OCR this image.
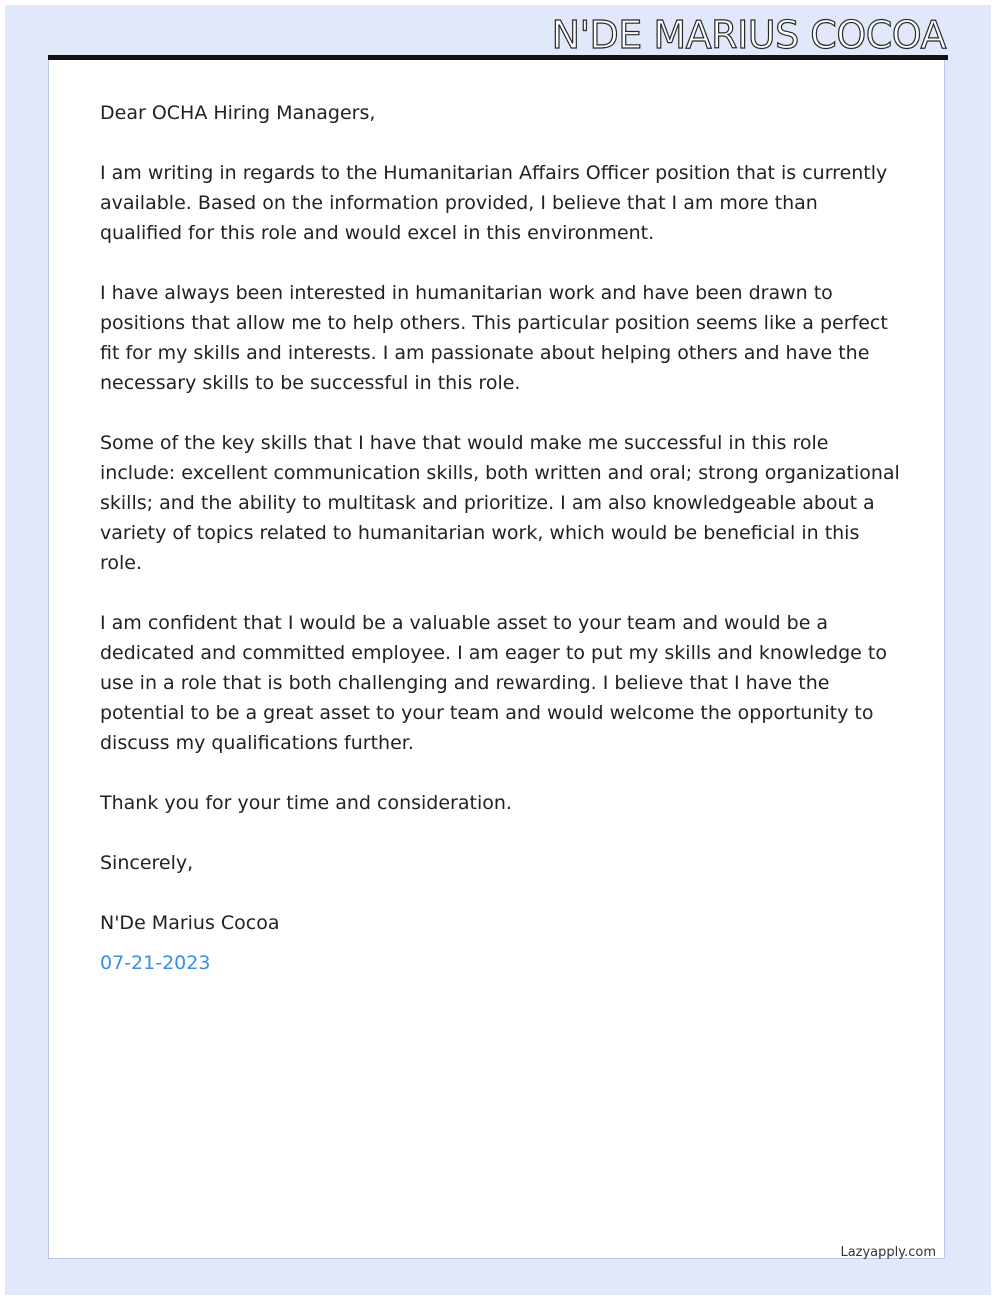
N'DE MARIUS COCOA

Dear OCHA Hiring Managers,

I am writing in regards to the Humanitarian Affairs Officer position that is currently available. Based on the information provided, I believe that I am more than qualified for this role and would excel in this environment.

I have always been interested in humanitarian work and have been drawn to positions that allow me to help others. This particular position seems like a perfect fit for my skills and interests. I am passionate about helping others and have the necessary skills to be successful in this role.

Some of the key skills that I have that would make me successful in this role include: excellent communication skills, both written and oral; strong organizational skills; and the ability to multitask and prioritize. I am also knowledgeable about a variety of topics related to humanitarian work, which would be beneficial in this role.

I am confident that I would be a valuable asset to your team and would be a dedicated and committed employee. I am eager to put my skills and knowledge to use in a role that is both challenging and rewarding. I believe that I have the potential to be a great asset to your team and would welcome the opportunity to discuss my qualifications further.

Thank you for your time and consideration.

Sincerely,

N'De Marius Cocoa

07-21-2023

Lazyapply.com
